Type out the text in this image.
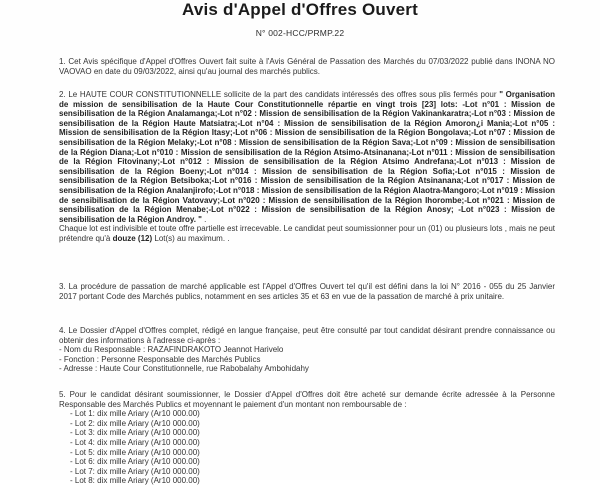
Avis d'Appel d'Offres Ouvert
N° 002-HCC/PRMP.22
1. Cet Avis spécifique d'Appel d'Offres Ouvert fait suite à l'Avis Général de Passation des Marchés du 07/03/2022 publié dans INONA NO VAOVAO en date du 09/03/2022, ainsi qu'au journal des marchés publics.
2. Le HAUTE COUR CONSTITUTIONNELLE sollicite de la part des candidats intéressés des offres sous plis fermés pour " Organisation de mission de sensibilisation de la Haute Cour Constitutionnelle répartie en vingt trois [23] lots: -Lot n°01 : Mission de sensibilisation de la Région Analamanga;-Lot n°02 : Mission de sensibilisation de la Région Vakinankaratra;-Lot n°03 : Mission de sensibilisation de la Région Haute Matsiatra;-Lot n°04 : Mission de sensibilisation de la Région Amoron¿i Mania;-Lot n°05 : Mission de sensibilisation de la Région Itasy;-Lot n°06 : Mission de sensibilisation de la Région Bongolava;-Lot n°07 : Mission de sensibilisation de la Région Melaky;-Lot n°08 : Mission de sensibilisation de la Région Sava;-Lot n°09 : Mission de sensibilisation de la Région Diana;-Lot n°010 : Mission de sensibilisation de la Région Atsimo-Atsinanana;-Lot n°011 : Mission de sensibilisation de la Région Fitovinany;-Lot n°012 : Mission de sensibilisation de la Région Atsimo Andrefana;-Lot n°013 : Mission de sensibilisation de la Région Boeny;-Lot n°014 : Mission de sensibilisation de la Région Sofia;-Lot n°015 : Mission de sensibilisation de la Région Betsiboka;-Lot n°016 : Mission de sensibilisation de la Région Atsinanana;-Lot n°017 : Mission de sensibilisation de la Région Analanjirofo;-Lot n°018 : Mission de sensibilisation de la Région Alaotra-Mangoro;-Lot n°019 : Mission de sensibilisation de la Région Vatovavy;-Lot n°020 : Mission de sensibilisation de la Région Ihorombe;-Lot n°021 : Mission de sensibilisation de la Région Menabe;-Lot n°022 : Mission de sensibilisation de la Région Anosy; -Lot n°023 : Mission de sensibilisation de la Région Androy. " .
Chaque lot est indivisible et toute offre partielle est irrecevable. Le candidat peut soumissionner pour un (01) ou plusieurs lots , mais ne peut prétendre qu'à douze (12) Lot(s) au maximum. .
3. La procédure de passation de marché applicable est l'Appel d'Offres Ouvert tel qu'il est défini dans la loi N° 2016 - 055 du 25 Janvier 2017 portant Code des Marchés publics, notamment en ses articles 35 et 63 en vue de la passation de marché à prix unitaire.
4. Le Dossier d'Appel d'Offres complet, rédigé en langue française, peut être consulté par tout candidat désirant prendre connaissance ou obtenir des informations à l'adresse ci-après :
- Nom du Responsable : RAZAFINDRAKOTO Jeannot Harivelo
- Fonction : Personne Responsable des Marchés Publics
- Adresse : Haute Cour Constitutionnelle, rue Rabobalahy Ambohidahy
5. Pour le candidat désirant soumissionner, le Dossier d'Appel d'Offres doit être acheté sur demande écrite adressée à la Personne Responsable des Marchés Publics et moyennant le paiement d'un montant non remboursable de :
- Lot 1: dix mille Ariary (Ar10 000.00)
- Lot 2: dix mille Ariary (Ar10 000.00)
- Lot 3: dix mille Ariary (Ar10 000.00)
- Lot 4: dix mille Ariary (Ar10 000.00)
- Lot 5: dix mille Ariary (Ar10 000.00)
- Lot 6: dix mille Ariary (Ar10 000.00)
- Lot 7: dix mille Ariary (Ar10 000.00)
- Lot 8: dix mille Ariary (Ar10 000.00)
